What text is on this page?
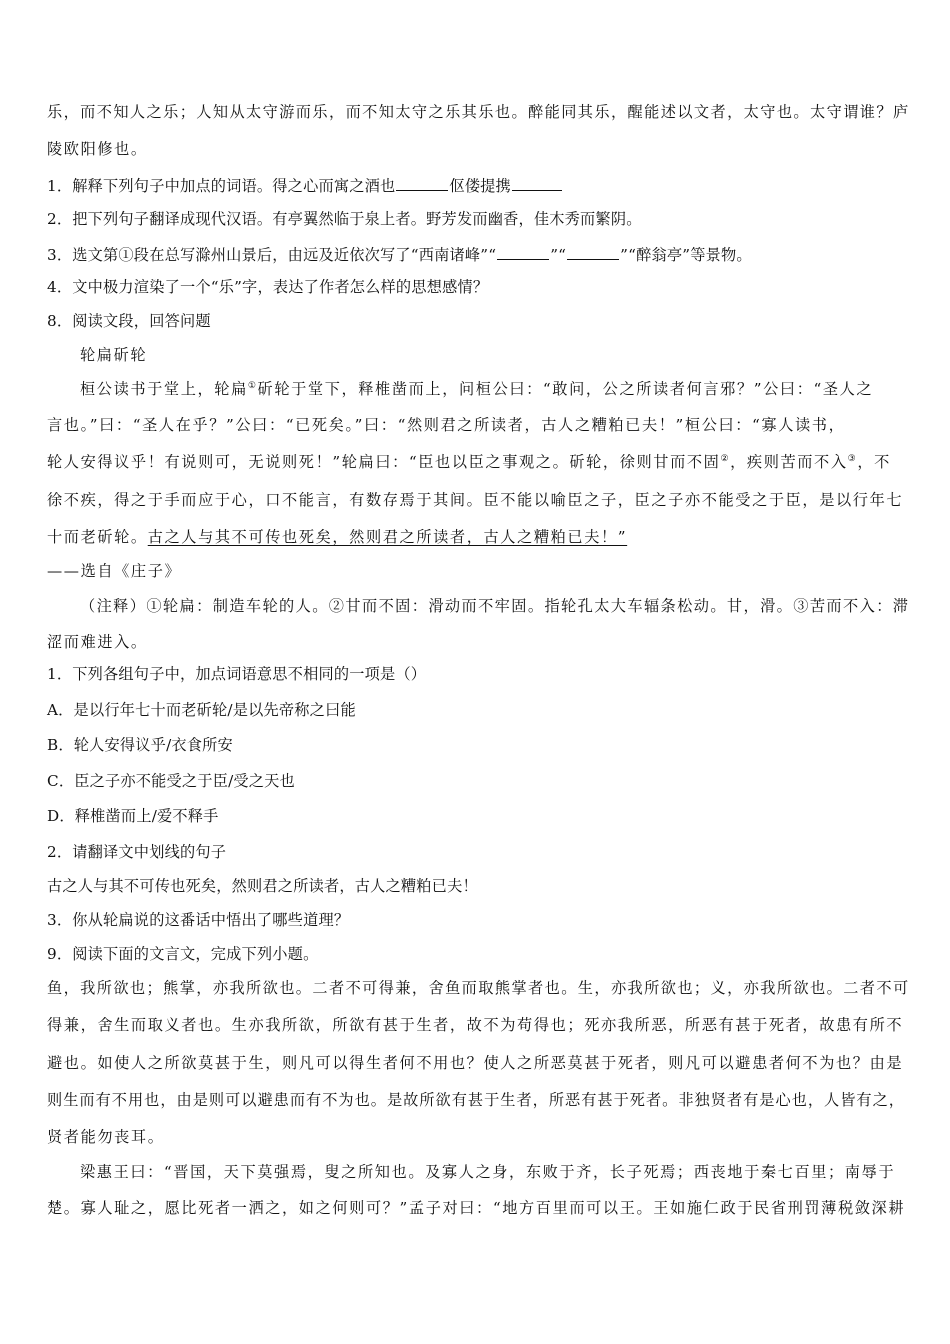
乐，而不知人之乐；人知从太守游而乐，而不知太守之乐其乐也。醉能同其乐，醒能述以文者，太守也。太守谓谁？庐
陵欧阳修也。
1．解释下列句子中加点的词语。得之心而寓之酒也	伛偻提携
2．把下列句子翻译成现代汉语。有亭翼然临于泉上者。野芳发而幽香，佳木秀而繁阴。
3．选文第①段在总写滁州山景后，由远及近依次写了“西南诸峰”“	”“	”“醉翁亭”等景物。
4．文中极力渲染了一个“乐”字，表达了作者怎么样的思想感情？
8．阅读文段，回答问题
轮扁斫轮
桓公读书于堂上，轮扁①斫轮于堂下，释椎凿而上，问桓公曰：“敢问，公之所读者何言邪？”公曰：“圣人之
言也。”曰：“圣人在乎？”公曰：“已死矣。”曰：“然则君之所读者，古人之糟粕已夫！”桓公曰：“寡人读书，
轮人安得议乎！有说则可，无说则死！”轮扁曰：“臣也以臣之事观之。斫轮，徐则甘而不固②，疾则苦而不入③，不
徐不疾，得之于手而应于心，口不能言，有数存焉于其间。臣不能以喻臣之子，臣之子亦不能受之于臣，是以行年七
十而老斫轮。古之人与其不可传也死矣，然则君之所读者，古人之糟粕已夫！”
——选自《庄子》
（注释）①轮扁：制造车轮的人。②甘而不固：滑动而不牢固。指轮孔太大车辐条松动。甘，滑。③苦而不入：滞
涩而难进入。
1．下列各组句子中，加点词语意思不相同的一项是（）
A．是以行年七十而老斫轮/是以先帝称之曰能
B．轮人安得议乎/衣食所安
C．臣之子亦不能受之于臣/受之天也
D．释椎凿而上/爱不释手
2．请翻译文中划线的句子
古之人与其不可传也死矣，然则君之所读者，古人之糟粕已夫！
3．你从轮扁说的这番话中悟出了哪些道理？
9．阅读下面的文言文，完成下列小题。
鱼，我所欲也；熊掌，亦我所欲也。二者不可得兼，舍鱼而取熊掌者也。生，亦我所欲也；义，亦我所欲也。二者不可
得兼，舍生而取义者也。生亦我所欲，所欲有甚于生者，故不为苟得也；死亦我所恶，所恶有甚于死者，故患有所不
避也。如使人之所欲莫甚于生，则凡可以得生者何不用也？使人之所恶莫甚于死者，则凡可以避患者何不为也？由是
则生而有不用也，由是则可以避患而有不为也。是故所欲有甚于生者，所恶有甚于死者。非独贤者有是心也，人皆有之，
贤者能勿丧耳。
梁惠王曰：“晋国，天下莫强焉，叟之所知也。及寡人之身，东败于齐，长子死焉；西丧地于秦七百里；南辱于
楚。寡人耻之，愿比死者一洒之，如之何则可？”孟子对曰：“地方百里而可以王。王如施仁政于民省刑罚薄税敛深耕
